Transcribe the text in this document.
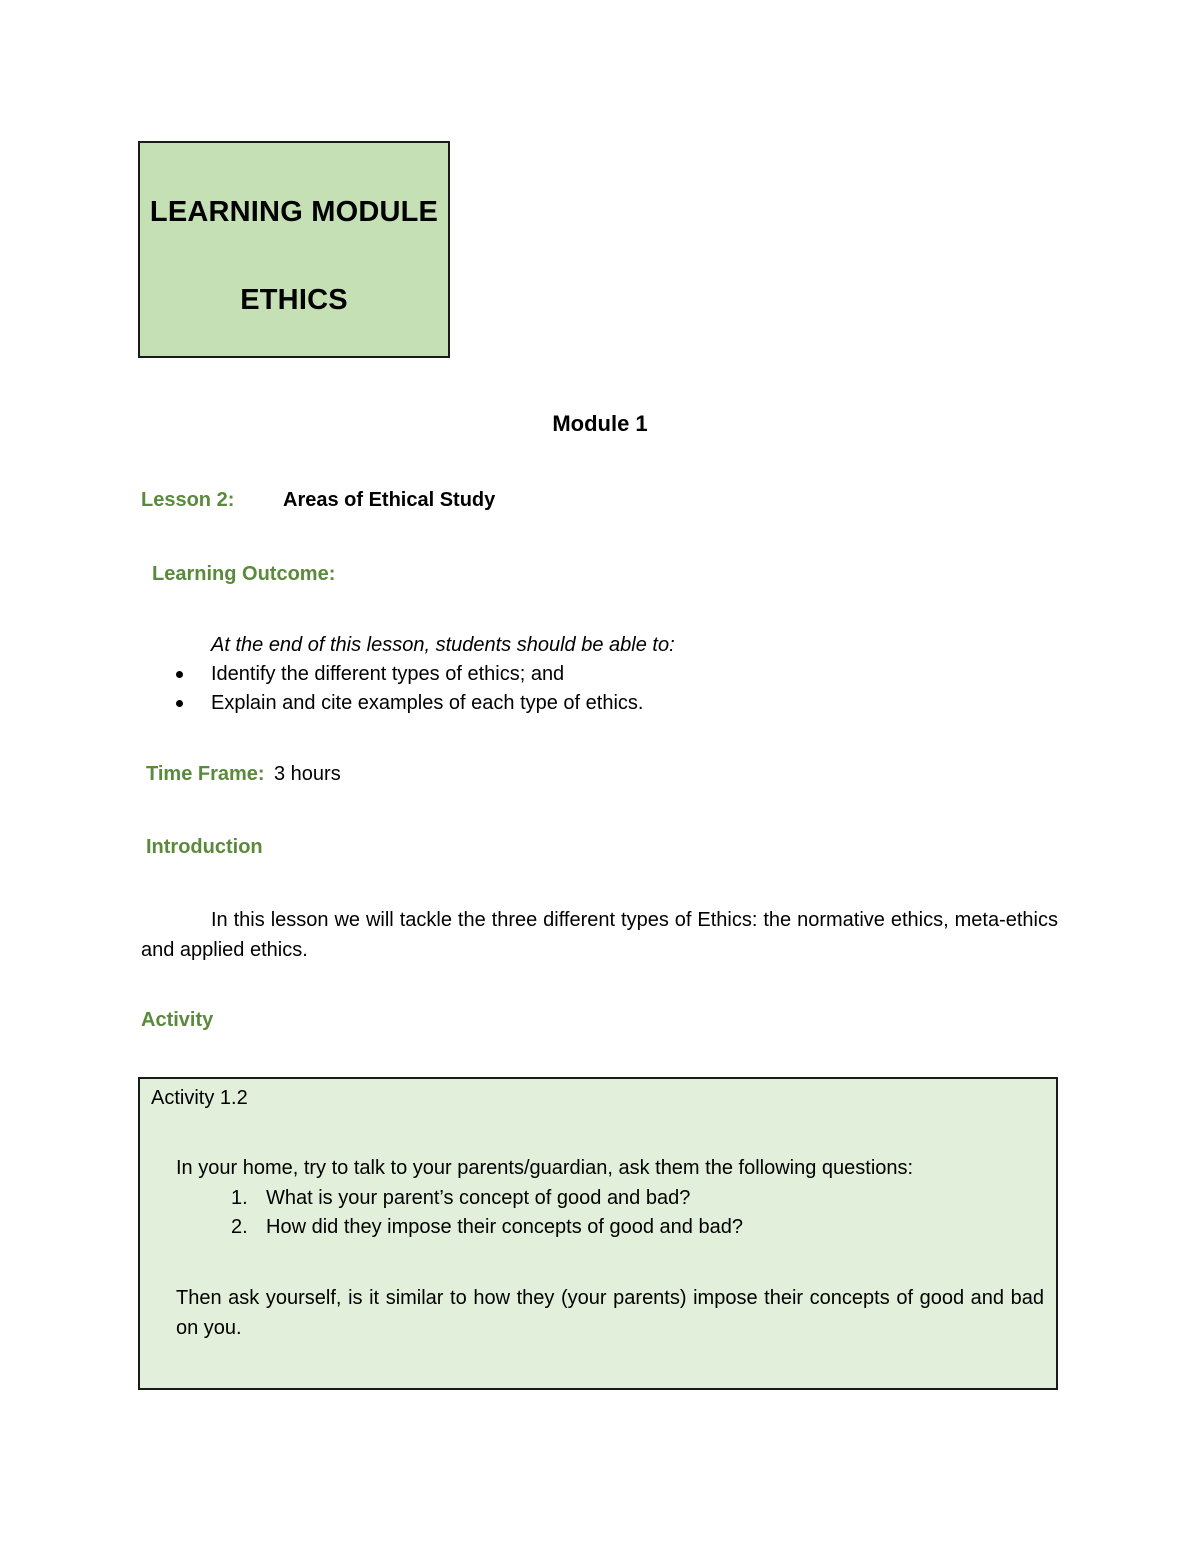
LEARNING MODULE
ETHICS
Module 1
Lesson 2: Areas of Ethical Study
Learning Outcome:
At the end of this lesson, students should be able to:
Identify the different types of ethics; and
Explain and cite examples of each type of ethics.
Time Frame: 3 hours
Introduction

In this lesson we will tackle the three different types of Ethics: the normative ethics, meta-ethics and applied ethics.

Activity
Activity 1.2
In your home, try to talk to your parents/guardian, ask them the following questions:
1. What is your parent’s concept of good and bad?
2. How did they impose their concepts of good and bad?

Then ask yourself, is it similar to how they (your parents) impose their concepts of good and bad on you.
